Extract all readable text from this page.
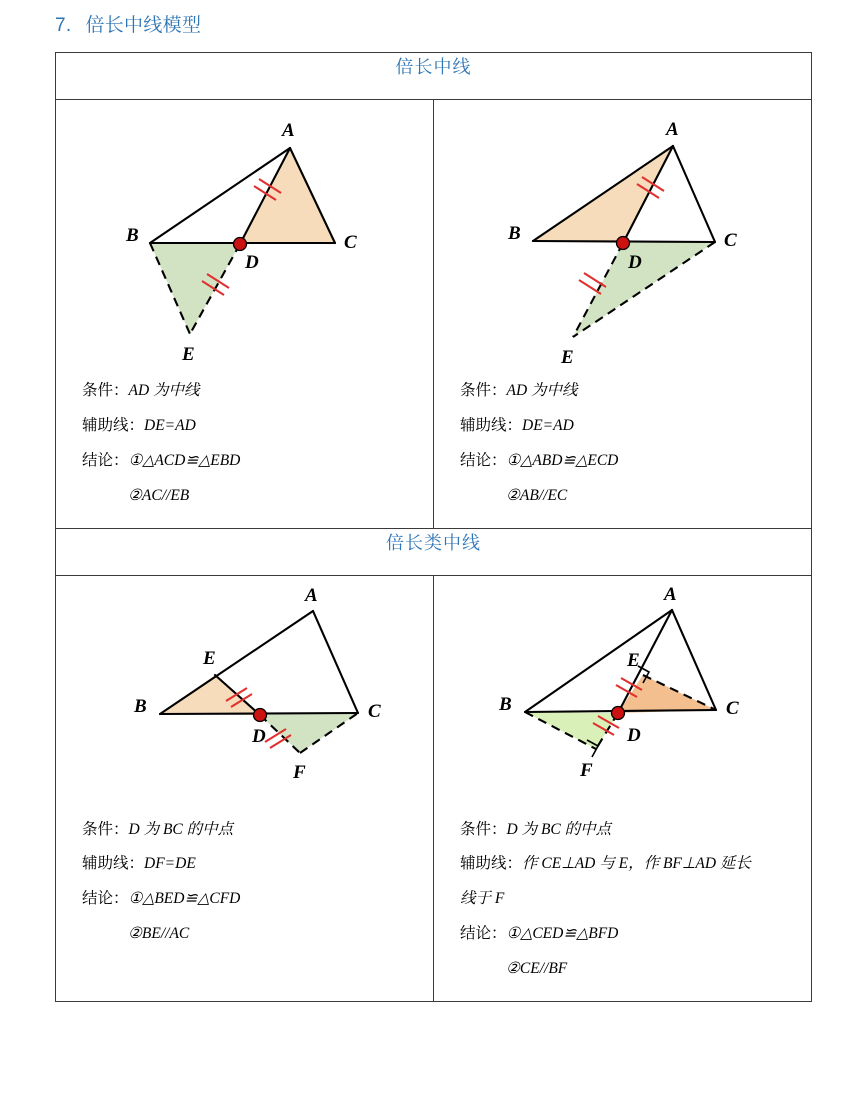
7. 倍长中线模型
倍长中线	

A
B	C
D
E
条件：AD 为中线
辅助线：DE=AD
结论：①△ACD≌△EBD
②AC//EB

A
B	C
D
E
条件：AD 为中线
辅助线：DE=AD
结论：①△ABD≌△ECD
②AB//EC

倍长类中线	

A
B	C
D
E
F
条件：D 为 BC 的中点
辅助线：DF=DE
结论：①△BED≌△CFD
②BE//AC

A
B	C
D
E
F
条件：D 为 BC 的中点
辅助线：作 CE⊥AD 与 E，作 BF⊥AD 延长
线于 F
结论：①△CED≌△BFD
②CE//BF
